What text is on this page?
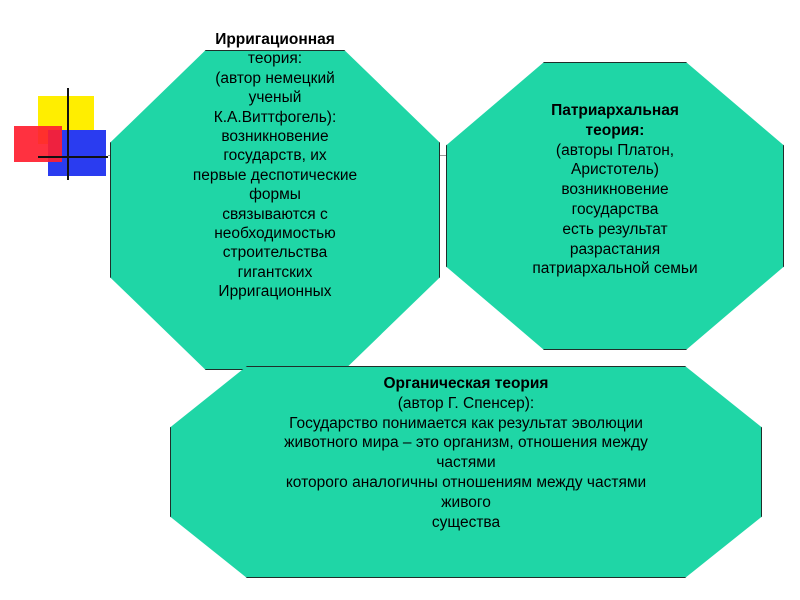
Ирригационная
теория:
(автор немецкий
ученый
К.А.Виттфогель):
возникновение
государств, их
первые деспотические
формы
связываются с
необходимостью
строительства
гигантских
Ирригационных
Патриархальная
теория:
(авторы Платон,
Аристотель)
возникновение
государства
есть результат
разрастания
патриархальной семьи
Органическая теория
(автор Г. Спенсер):
Государство понимается как результат эволюции
животного мира – это организм, отношения между
частями
которого аналогичны отношениям между частями
живого
существа
